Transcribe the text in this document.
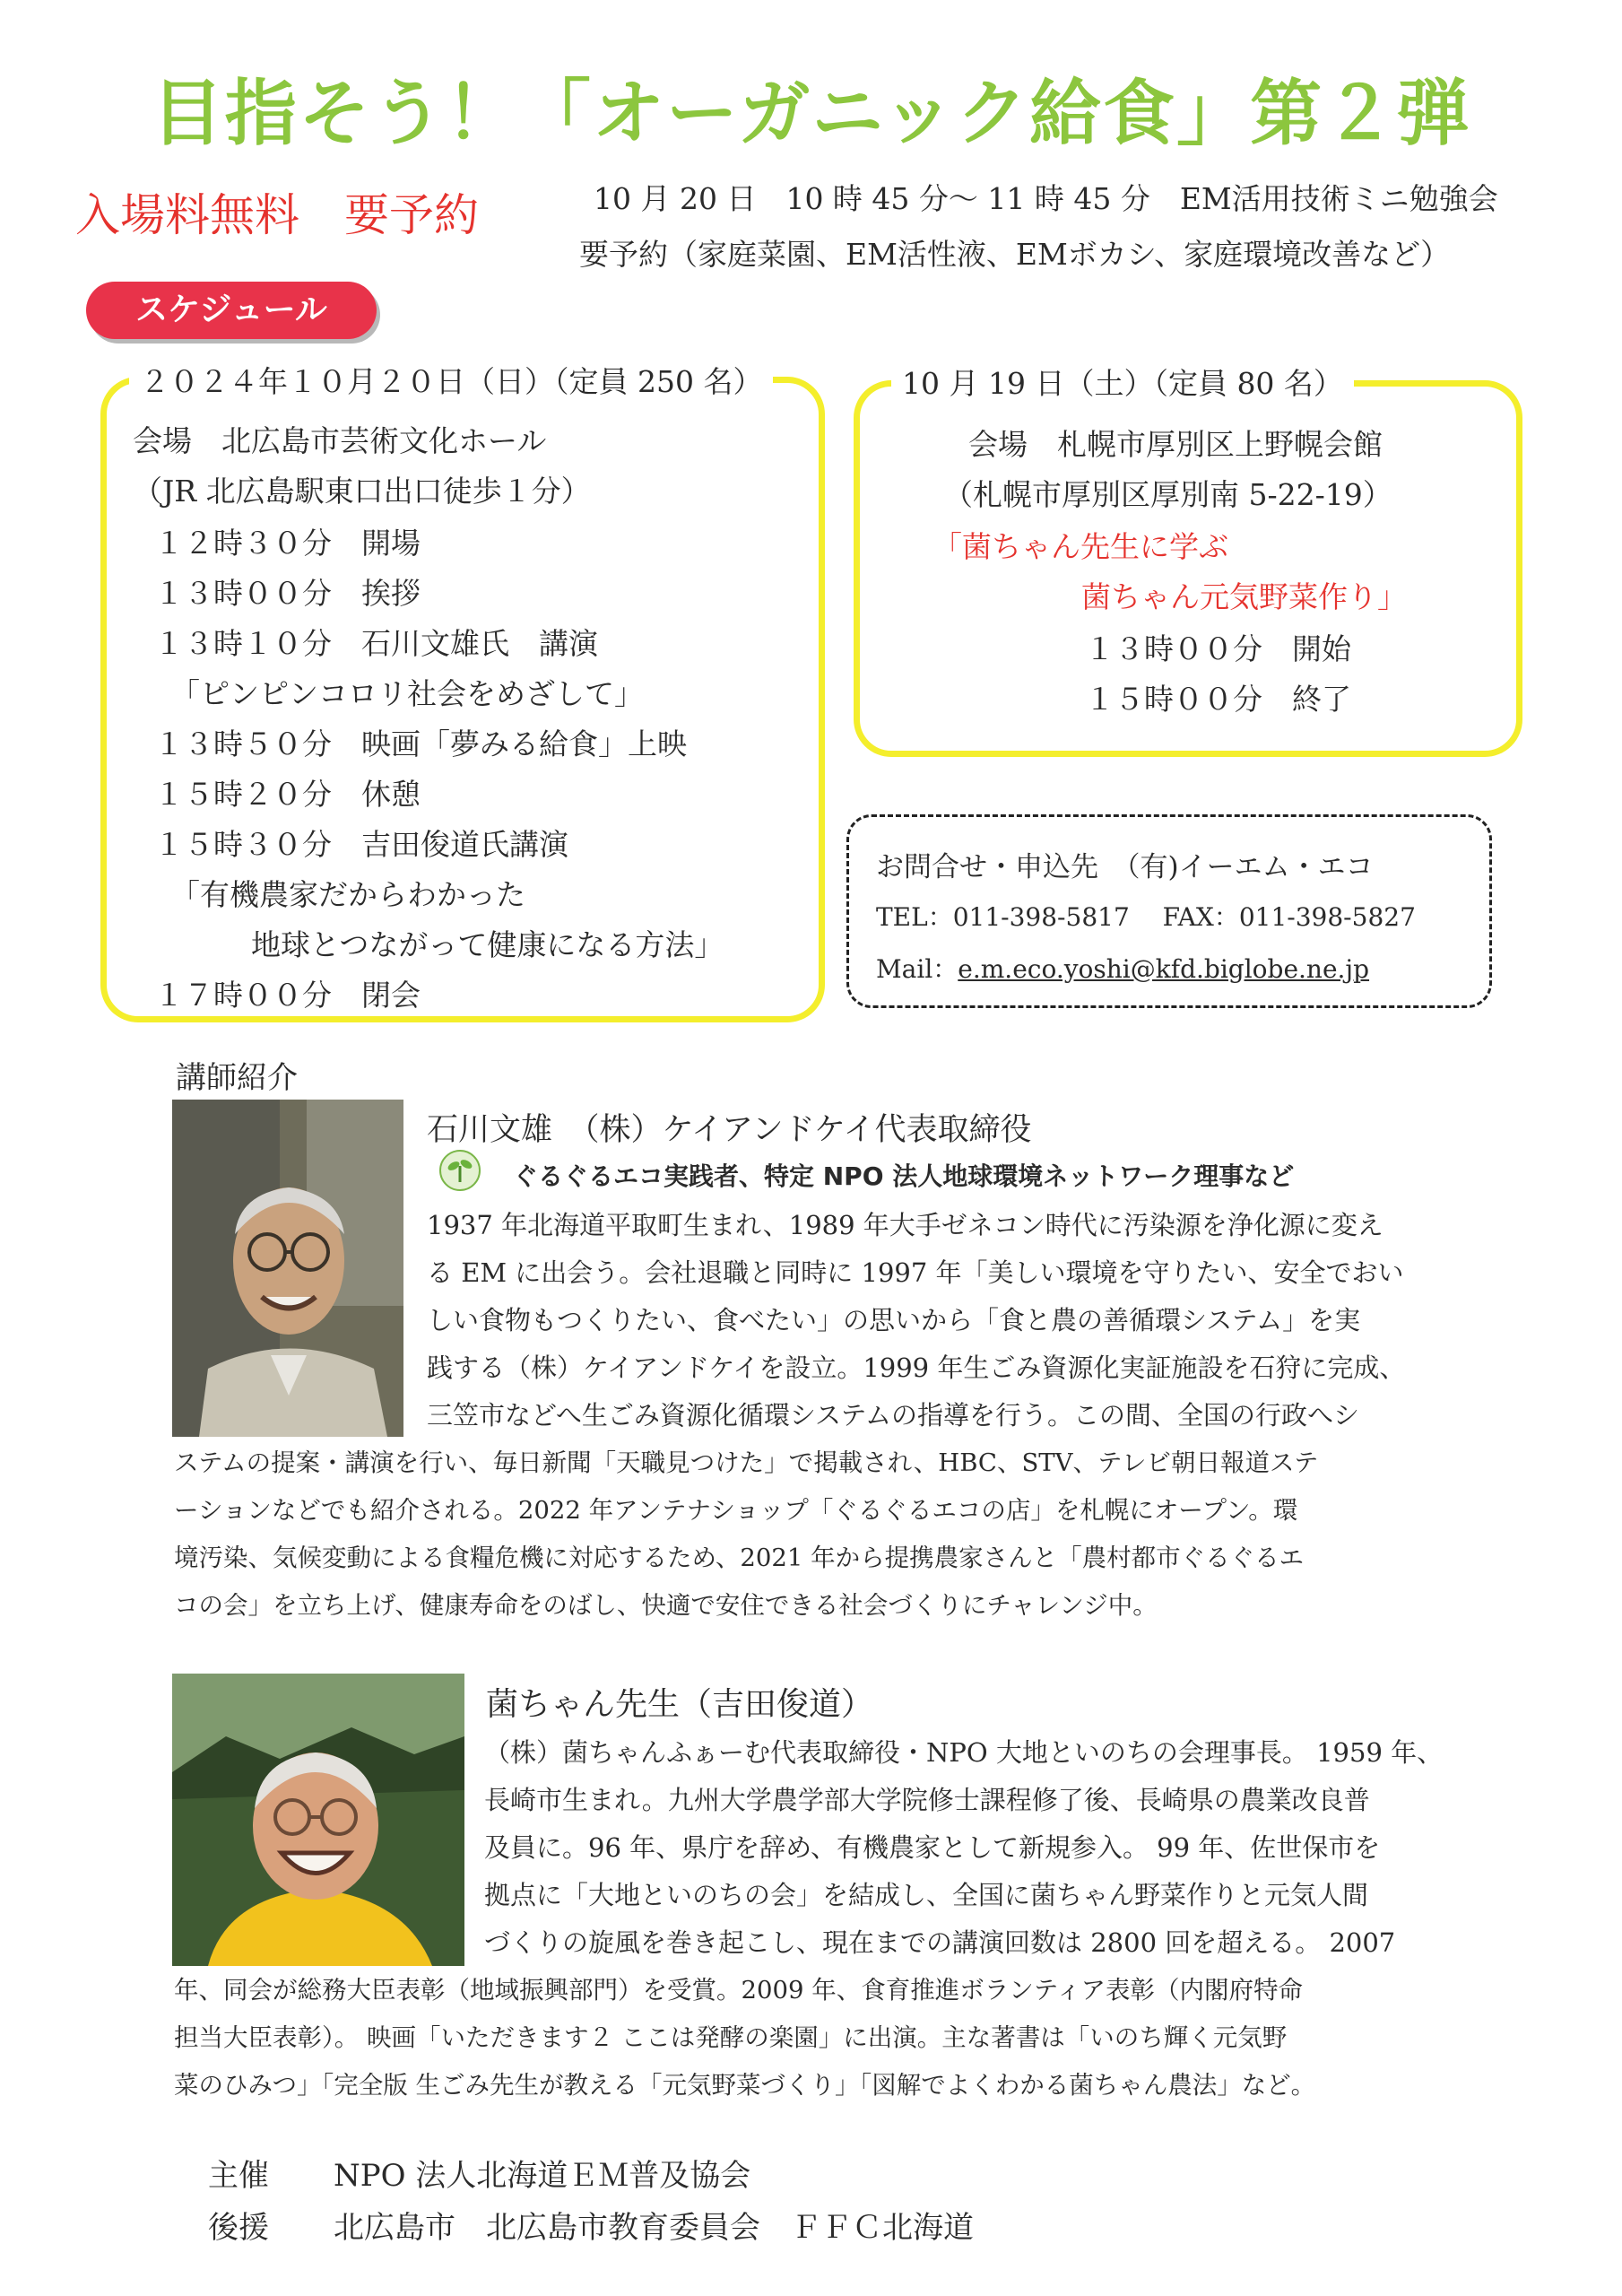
目指そう！「オーガニック給食」第２弾
入場料無料 要予約	10 月 20 日　10 時 45 分～ 11 時 45 分　EM活用技術ミニ勉強会
要予約（家庭菜園、EM活性液、EMボカシ、家庭環境改善など）
スケジュール
２０２４年１０月２０日（日）（定員 250 名）
会場　北広島市芸術文化ホール
（JR 北広島駅東口出口徒歩１分）
１２時３０分　開場
１３時００分　挨拶
１３時１０分　石川文雄氏　講演
「ピンピンコロリ社会をめざして」
１３時５０分　映画「夢みる給食」上映
１５時２０分　休憩
１５時３０分　吉田俊道氏講演
「有機農家だからわかった
地球とつながって健康になる方法」
１７時００分　閉会
10 月 19 日（土）（定員 80 名）
会場　札幌市厚別区上野幌会館
（札幌市厚別区厚別南 5-22-19）
「菌ちゃん先生に学ぶ
菌ちゃん元気野菜作り」
１３時００分　開始
１５時００分　終了
お問合せ・申込先　（有)イーエム・エコ
TEL：011-398-5817　 FAX：011-398-5827
Mail：e.m.eco.yoshi@kfd.biglobe.ne.jp
講師紹介
石川文雄　（株）ケイアンドケイ代表取締役
ぐるぐるエコ実践者、特定 NPO 法人地球環境ネットワーク理事など
1937 年北海道平取町生まれ、1989 年大手ゼネコン時代に汚染源を浄化源に変え
る EM に出会う。会社退職と同時に 1997 年「美しい環境を守りたい、安全でおい
しい食物もつくりたい、食べたい」の思いから「食と農の善循環システム」を実
践する（株）ケイアンドケイを設立。1999 年生ごみ資源化実証施設を石狩に完成、
三笠市などへ生ごみ資源化循環システムの指導を行う。この間、全国の行政へシ
ステムの提案・講演を行い、毎日新聞「天職見つけた」で掲載され、HBC、STV、テレビ朝日報道ステ
ーションなどでも紹介される。2022 年アンテナショップ「ぐるぐるエコの店」を札幌にオープン。環
境汚染、気候変動による食糧危機に対応するため、2021 年から提携農家さんと「農村都市ぐるぐるエ
コの会」を立ち上げ、健康寿命をのばし、快適で安住できる社会づくりにチャレンジ中。
菌ちゃん先生（吉田俊道）
（株）菌ちゃんふぁーむ代表取締役・NPO 大地といのちの会理事長。 1959 年、
長崎市生まれ。九州大学農学部大学院修士課程修了後、長崎県の農業改良普
及員に。96 年、県庁を辞め、有機農家として新規参入。 99 年、佐世保市を
拠点に「大地といのちの会」を結成し、全国に菌ちゃん野菜作りと元気人間
づくりの旋風を巻き起こし、現在までの講演回数は 2800 回を超える。 2007
年、同会が総務大臣表彰（地域振興部門）を受賞。2009 年、食育推進ボランティア表彰（内閣府特命
担当大臣表彰）。 映画「いただきます２ ここは発酵の楽園」に出演。主な著書は「いのち輝く元気野
菜のひみつ」「完全版 生ごみ先生が教える「元気野菜づくり」「図解でよくわかる菌ちゃん農法」など。
主催 NPO 法人北海道ＥＭ普及協会
後援 北広島市　北広島市教育委員会　ＦＦＣ北海道
